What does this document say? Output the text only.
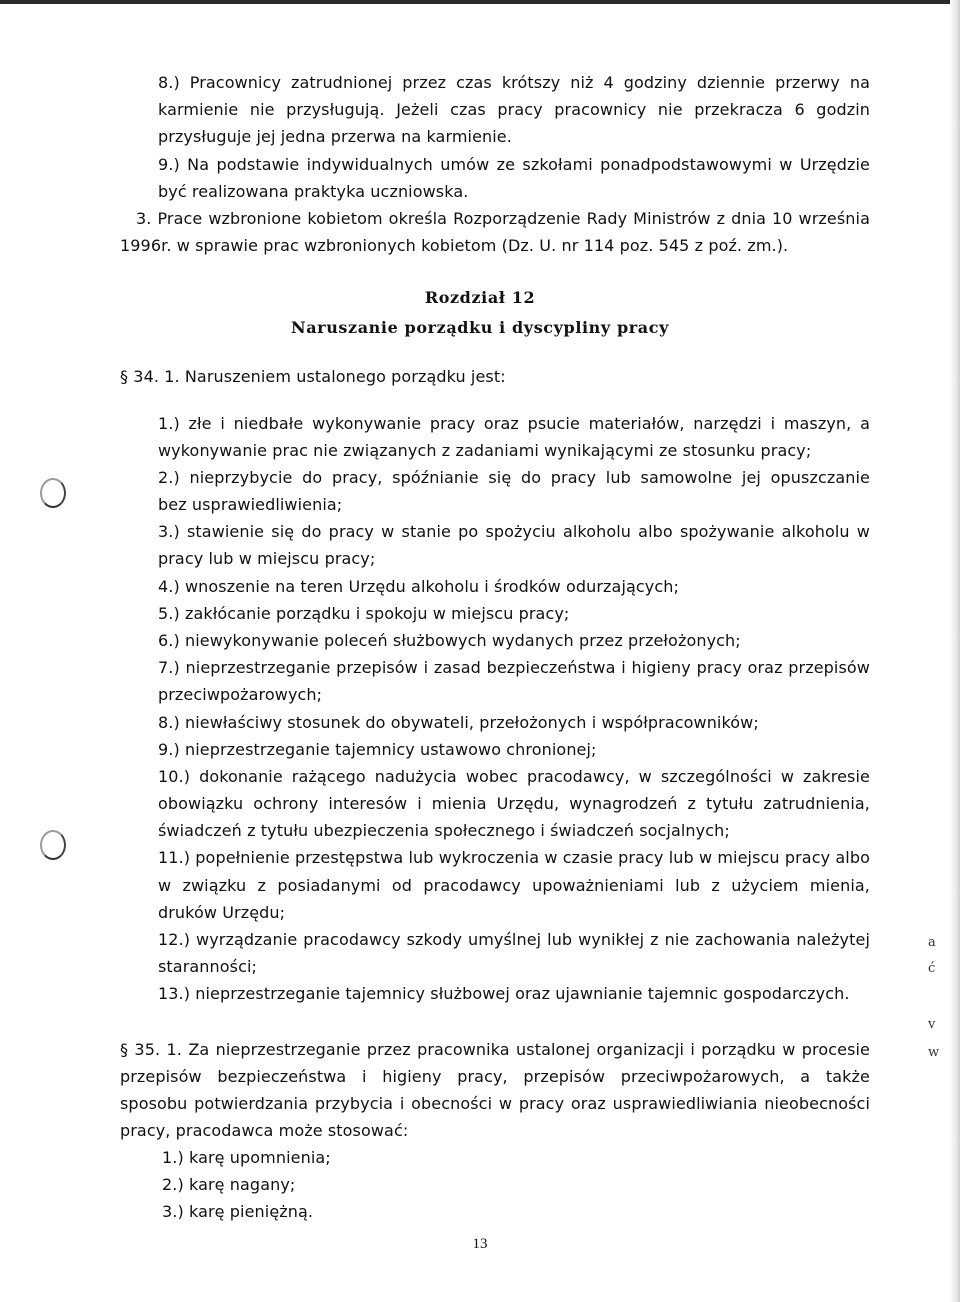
8.) Pracownicy zatrudnionej przez czas krótszy niż 4 godziny dziennie przerwy na
karmienie nie przysługują. Jeżeli czas pracy pracownicy nie przekracza 6 godzin
przysługuje jej jedna przerwa na karmienie.
9.) Na podstawie indywidualnych umów ze szkołami ponadpodstawowymi w Urzędzie
być realizowana praktyka uczniowska.
3. Prace wzbronione kobietom określa Rozporządzenie Rady Ministrów z dnia 10 września
1996r. w sprawie prac wzbronionych kobietom (Dz. U. nr 114 poz. 545 z poź. zm.).
Rozdział 12
Naruszanie porządku i dyscypliny pracy
§ 34. 1. Naruszeniem ustalonego porządku jest:
1.) złe i niedbałe wykonywanie pracy oraz psucie materiałów, narzędzi i maszyn, a
wykonywanie prac nie związanych z zadaniami wynikającymi ze stosunku pracy;
2.) nieprzybycie do pracy, spóźnianie się do pracy lub samowolne jej opuszczanie
bez usprawiedliwienia;
3.) stawienie się do pracy w stanie po spożyciu alkoholu albo spożywanie alkoholu w
pracy lub w miejscu pracy;
4.) wnoszenie na teren Urzędu alkoholu i środków odurzających;
5.) zakłócanie porządku i spokoju w miejscu pracy;
6.) niewykonywanie poleceń służbowych wydanych przez przełożonych;
7.) nieprzestrzeganie przepisów i zasad bezpieczeństwa i higieny pracy oraz przepisów
przeciwpożarowych;
8.) niewłaściwy stosunek do obywateli, przełożonych i współpracowników;
9.) nieprzestrzeganie tajemnicy ustawowo chronionej;
10.) dokonanie rażącego nadużycia wobec pracodawcy, w szczególności w zakresie
obowiązku ochrony interesów i mienia Urzędu, wynagrodzeń z tytułu zatrudnienia,
świadczeń z tytułu ubezpieczenia społecznego i świadczeń socjalnych;
11.) popełnienie przestępstwa lub wykroczenia w czasie pracy lub w miejscu pracy albo
w związku z posiadanymi od pracodawcy upoważnieniami lub z użyciem mienia,
druków Urzędu;
12.) wyrządzanie pracodawcy szkody umyślnej lub wynikłej z nie zachowania należytej
staranności;
13.) nieprzestrzeganie tajemnicy służbowej oraz ujawnianie tajemnic gospodarczych.
§ 35. 1. Za nieprzestrzeganie przez pracownika ustalonej organizacji i porządku w procesie
przepisów bezpieczeństwa i higieny pracy, przepisów przeciwpożarowych, a także
sposobu potwierdzania przybycia i obecności w pracy oraz usprawiedliwiania nieobecności
pracy, pracodawca może stosować:
1.) karę upomnienia;
2.) karę nagany;
3.) karę pieniężną.
a
ć
v
w
13
